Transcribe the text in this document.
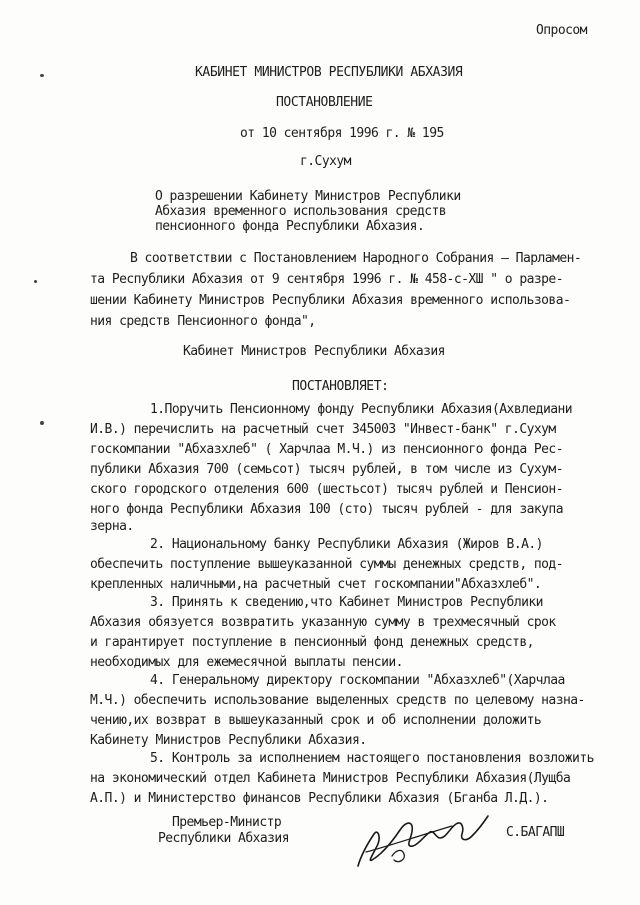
Опросом
КАБИНЕТ МИНИСТРОВ РЕСПУБЛИКИ АБХАЗИЯ
ПОСТАНОВЛЕНИЕ
от 10 сентября 1996 г. № 195
г.Сухум
О разрешении Кабинету Министров Республики
Абхазия временного использования средств
пенсионного фонда Республики Абхазия.
В соответствии с Постановлением Народного Собрания – Парламен-
та Республики Абхазия от 9 сентября 1996 г. № 458-с-ХШ " о разре-
шении Кабинету Министров Республики Абхазия временного использова-
ния средств Пенсионного фонда",
Кабинет Министров Республики Абхазия
ПОСТАНОВЛЯЕТ:
1.Поручить Пенсионному фонду Республики Абхазия(Ахвледиани
И.В.) перечислить на расчетный счет 345003 "Инвест-банк" г.Сухум
госкомпании "Абхазхлеб" ( Харчлаа М.Ч.) из пенсионного фонда Рес-
публики Абхазия 700 (семьсот) тысяч рублей, в том числе из Сухум-
ского городского отделения 600 (шестьсот) тысяч рублей и Пенсион-
ного фонда Республики Абхазия 100 (сто) тысяч рублей - для закупа
зерна.
2. Национальному банку Республики Абхазия (Жиров В.А.)
обеспечить поступление вышеуказанной суммы денежных средств, под-
крепленных наличными,на расчетный счет госкомпании"Абхазхлеб".
3. Принять к сведению,что Кабинет Министров Республики
Абхазия обязуется возвратить указанную сумму в трехмесячный срок
и гарантирует поступление в пенсионный фонд денежных средств,
необходимых для ежемесячной выплаты пенсии.
4. Генеральному директору госкомпании "Абхазхлеб"(Харчлаа
М.Ч.) обеспечить использование выделенных средств по целевому назна-
чению,их возврат в вышеуказанный срок и об исполнении доложить
Кабинету Министров Республики Абхазия.
5. Контроль за исполнением настоящего постановления возложить
на экономический отдел Кабинета Министров Республики Абхазия(Лущба
А.П.) и Министерство финансов Республики Абхазия (Бганба Л.Д.).
Премьер-Министр
Республики Абхазия	С.БАГАПШ
